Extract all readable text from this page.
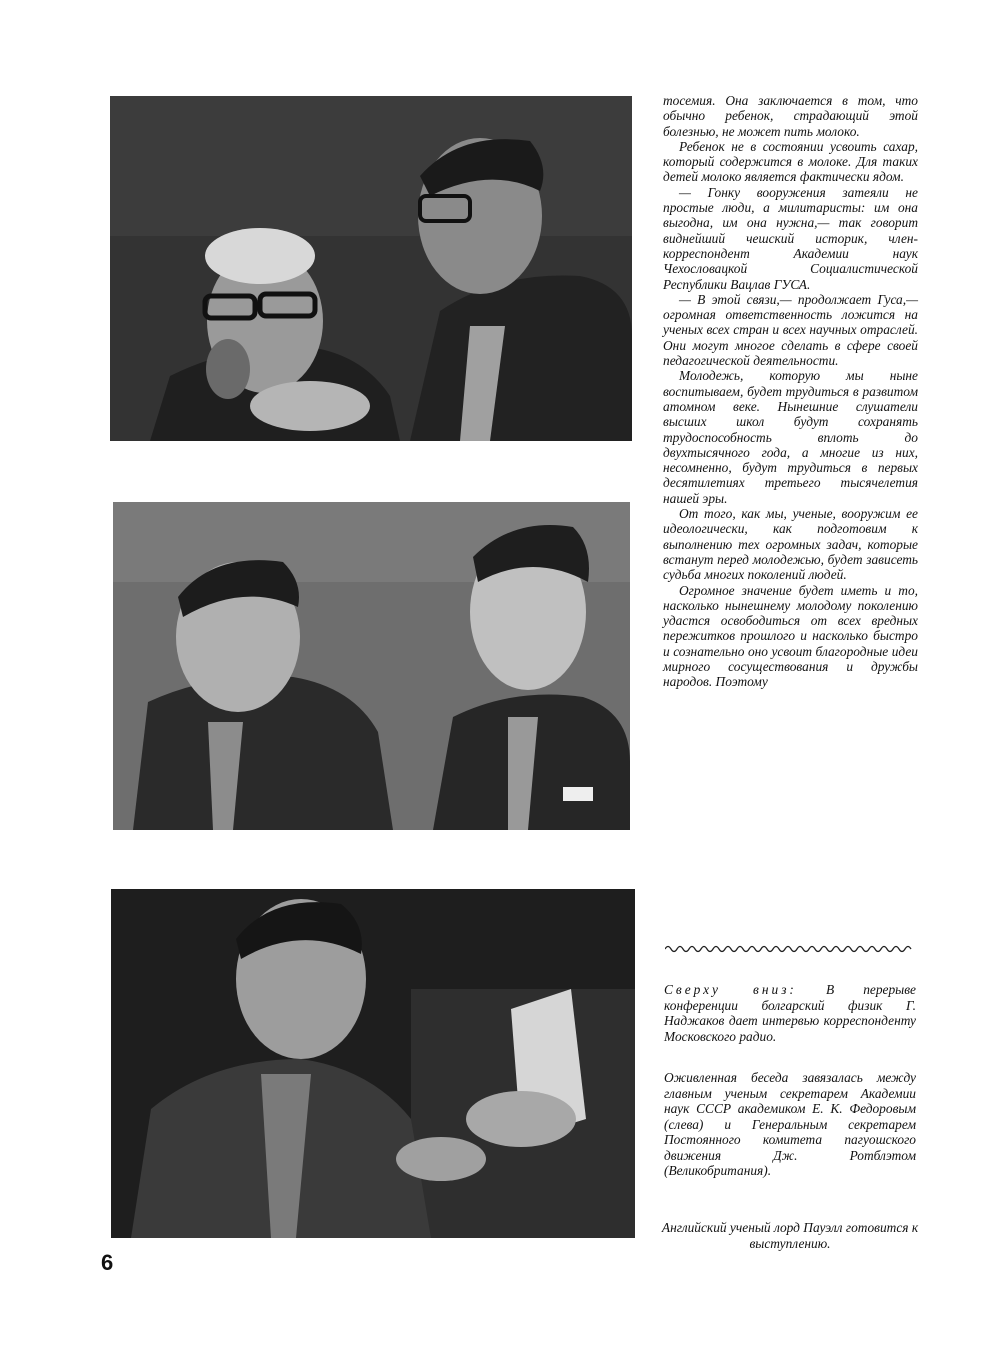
тосемия. Она заключается в том, что обычно ребенок, страдающий этой болезнью, не может пить молоко.

Ребенок не в состоянии усвоить сахар, который содержится в молоке. Для таких детей молоко является фактически ядом.

— Гонку вооружения затеяли не простые люди, а милитаристы: им она выгодна, им она нужна,— так говорит виднейший чешский историк, член-корреспондент Академии наук Чехословацкой Социалистической Республики Вацлав ГУСА.

— В этой связи,— продолжает Гуса,— огромная ответственность ложится на ученых всех стран и всех научных отраслей. Они могут многое сделать в сфере своей педагогической деятельности.

Молодежь, которую мы ныне воспитываем, будет трудиться в развитом атомном веке. Нынешние слушатели высших школ будут сохранять трудоспособность вплоть до двухтысячного года, а многие из них, несомненно, будут трудиться в первых десятилетиях третьего тысячелетия нашей эры.

От того, как мы, ученые, вооружим ее идеологически, как подготовим к выполнению тех огромных задач, которые встанут перед молодежью, будет зависеть судьба многих поколений людей.

Огромное значение будет иметь и то, насколько нынешнему молодому поколению удастся освободиться от всех вредных пережитков прошлого и насколько быстро и сознательно оно усвоит благородные идеи мирного сосуществования и дружбы народов. Поэтому

Сверху вниз: В перерыве конференции болгарский физик Г. Наджаков дает интервью корреспонденту Московского радио.
Оживленная беседа завязалась между главным ученым секретарем Академии наук СССР академиком Е. К. Федоровым (слева) и Генеральным секретарем Постоянного комитета пагуошского движения Дж. Ротблэтом (Великобритания).
Английский ученый лорд Пауэлл готовится к выступлению.
6
